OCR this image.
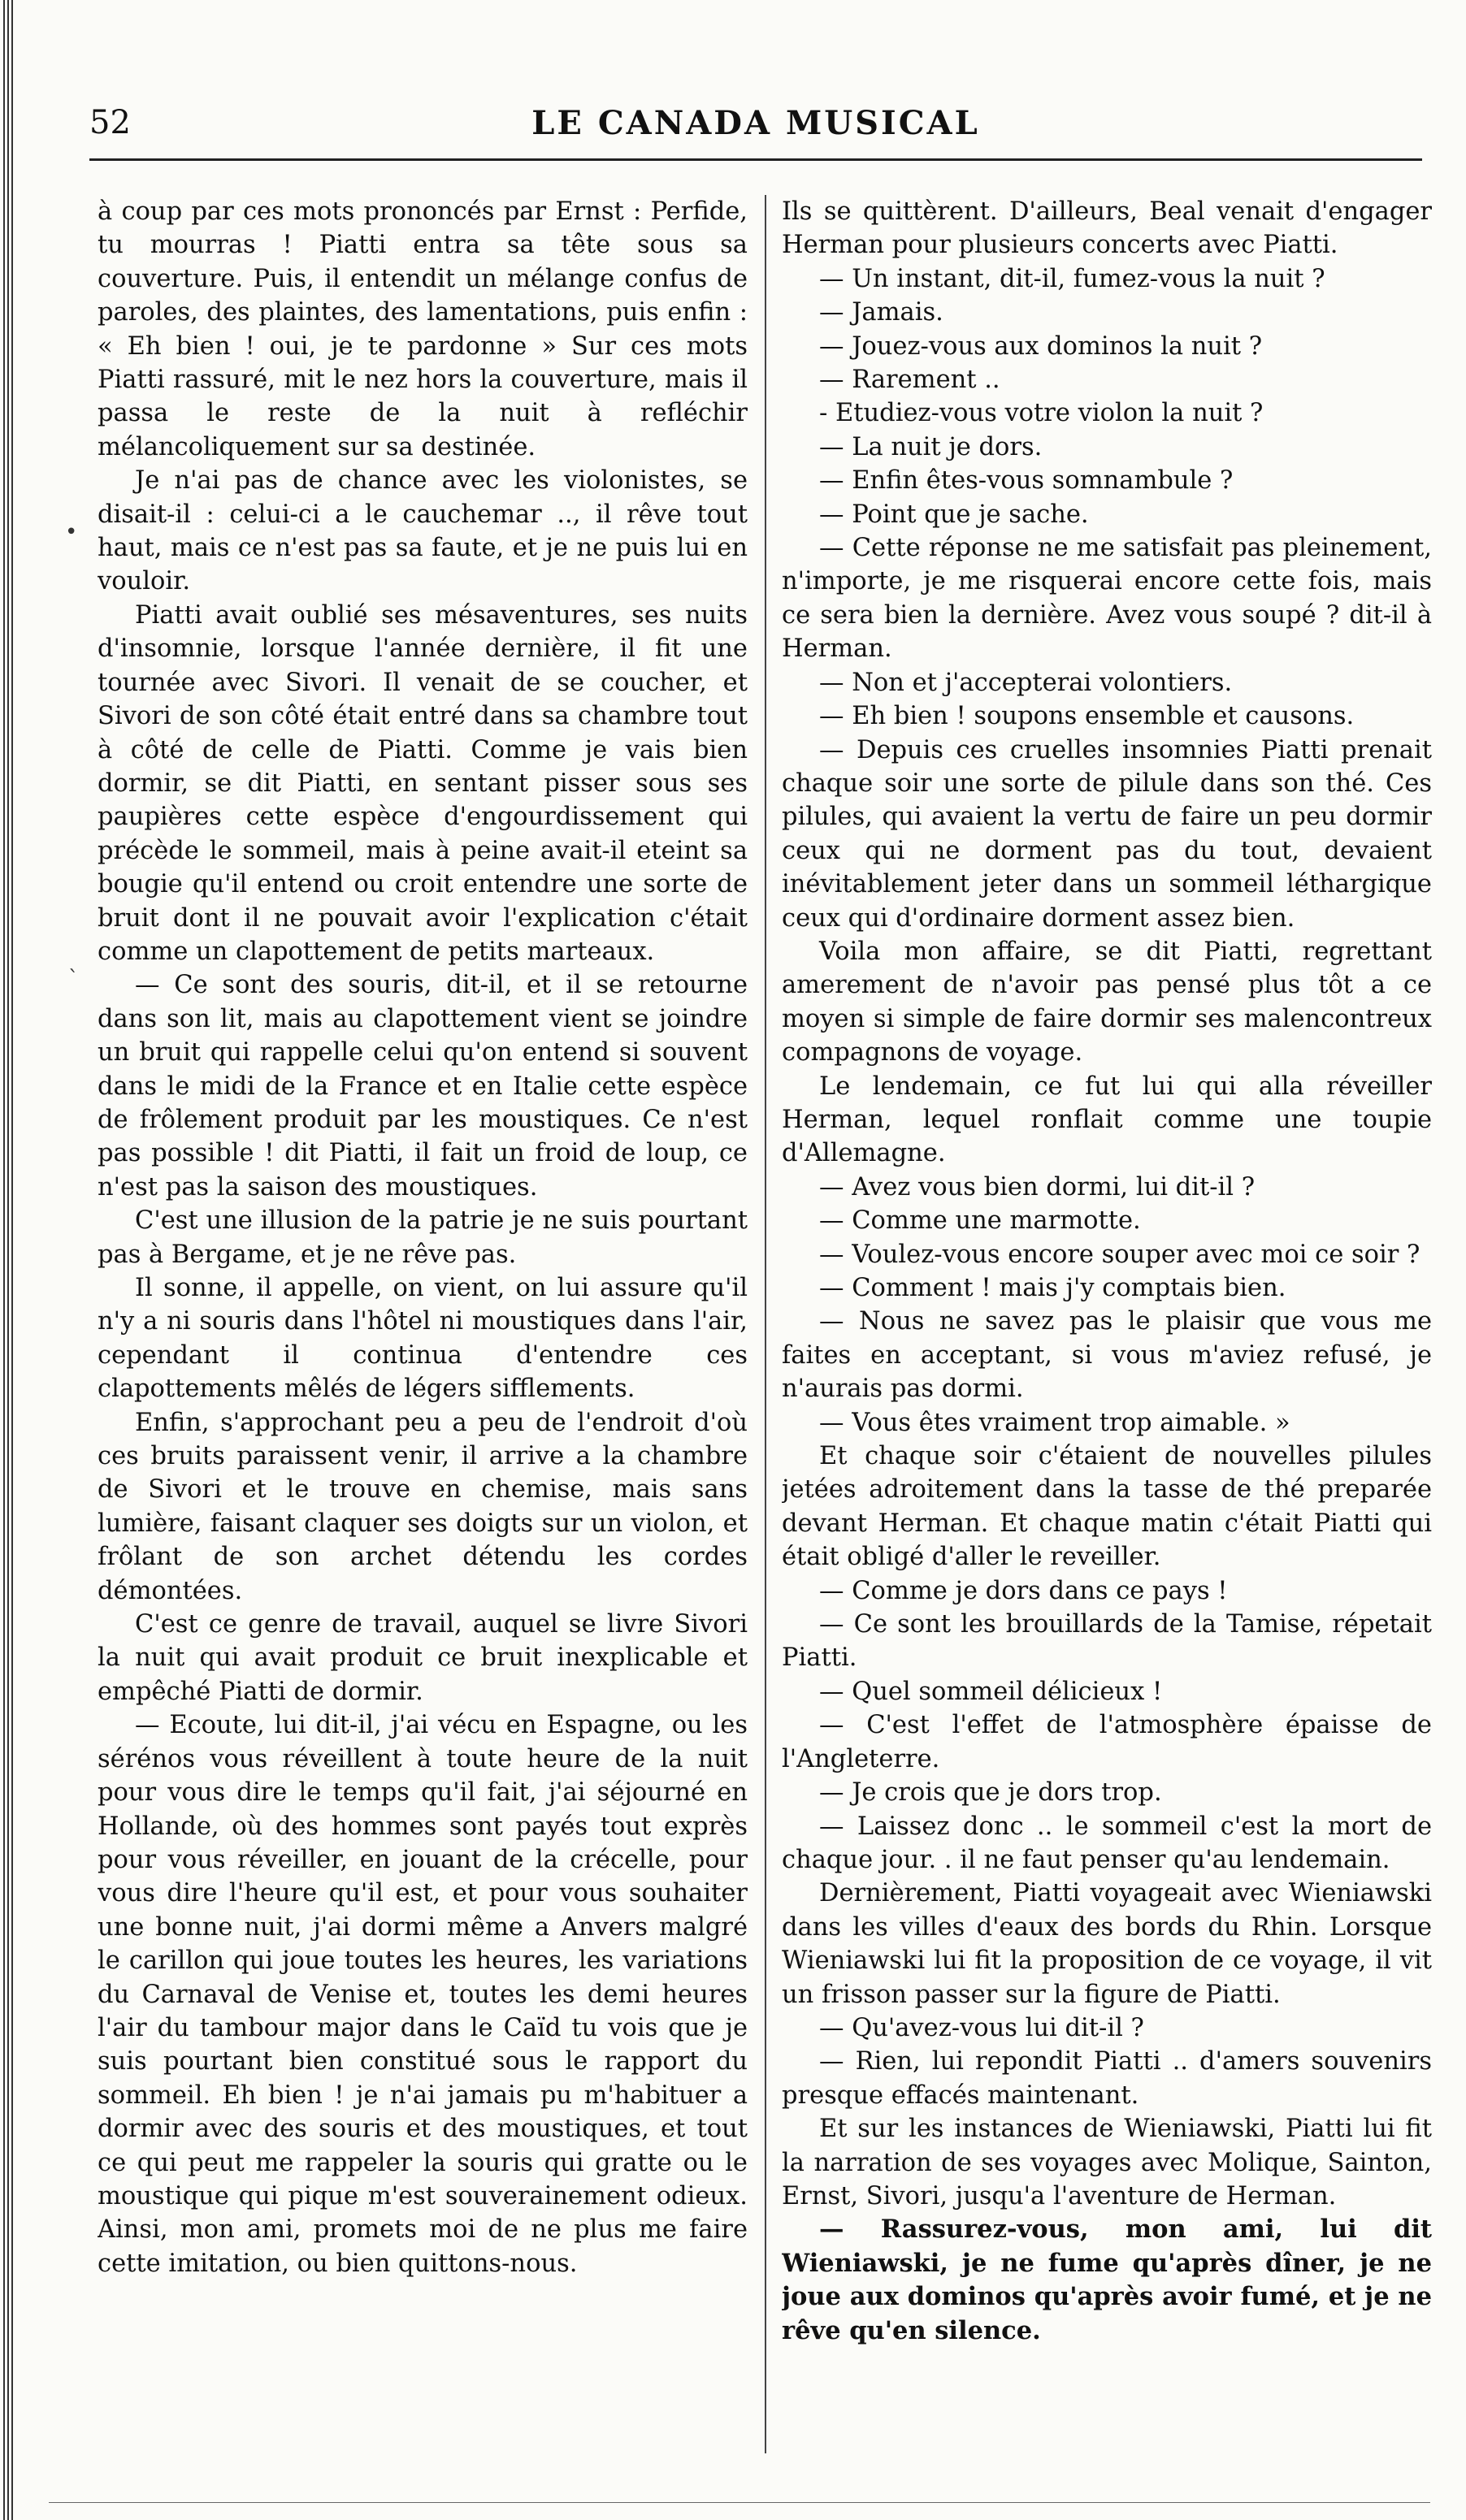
52	LE CANADA MUSICAL

à coup par ces mots prononcés par Ernst : Perfide, tu mourras ! Piatti entra sa tête sous sa couverture. Puis, il entendit un mélange confus de paroles, des plaintes, des lamentations, puis enfin : « Eh bien ! oui, je te pardonne » Sur ces mots Piatti rassuré, mit le nez hors la couverture, mais il passa le reste de la nuit à refléchir mélancoliquement sur sa destinée.

Je n'ai pas de chance avec les violonistes, se disait-il : celui-ci a le cauchemar .., il rêve tout haut, mais ce n'est pas sa faute, et je ne puis lui en vouloir.

Piatti avait oublié ses mésaventures, ses nuits d'insomnie, lorsque l'année dernière, il fit une tournée avec Sivori. Il venait de se coucher, et Sivori de son côté était entré dans sa chambre tout à côté de celle de Piatti. Comme je vais bien dormir, se dit Piatti, en sentant pisser sous ses paupières cette espèce d'engourdissement qui précède le sommeil, mais à peine avait-il eteint sa bougie qu'il entend ou croit entendre une sorte de bruit dont il ne pouvait avoir l'explication c'était comme un clapottement de petits marteaux.

— Ce sont des souris, dit-il, et il se retourne dans son lit, mais au clapottement vient se joindre un bruit qui rappelle celui qu'on entend si souvent dans le midi de la France et en Italie cette espèce de frôlement produit par les moustiques. Ce n'est pas possible ! dit Piatti, il fait un froid de loup, ce n'est pas la saison des moustiques.

C'est une illusion de la patrie je ne suis pourtant pas à Bergame, et je ne rêve pas.

Il sonne, il appelle, on vient, on lui assure qu'il n'y a ni souris dans l'hôtel ni moustiques dans l'air, cependant il continua d'entendre ces clapottements mêlés de légers sifflements.

Enfin, s'approchant peu a peu de l'endroit d'où ces bruits paraissent venir, il arrive a la chambre de Sivori et le trouve en chemise, mais sans lumière, faisant claquer ses doigts sur un violon, et frôlant de son archet détendu les cordes démontées.

C'est ce genre de travail, auquel se livre Sivori la nuit qui avait produit ce bruit inexplicable et empêché Piatti de dormir.

— Ecoute, lui dit-il, j'ai vécu en Espagne, ou les sérénos vous réveillent à toute heure de la nuit pour vous dire le temps qu'il fait, j'ai séjourné en Hollande, où des hommes sont payés tout exprès pour vous réveiller, en jouant de la crécelle, pour vous dire l'heure qu'il est, et pour vous souhaiter une bonne nuit, j'ai dormi même a Anvers malgré le carillon qui joue toutes les heures, les variations du Carnaval de Venise et, toutes les demi heures l'air du tambour major dans le Caïd tu vois que je suis pourtant bien constitué sous le rapport du sommeil. Eh bien ! je n'ai jamais pu m'habituer a dormir avec des souris et des moustiques, et tout ce qui peut me rappeler la souris qui gratte ou le moustique qui pique m'est souverainement odieux. Ainsi, mon ami, promets moi de ne plus me faire cette imitation, ou bien quittons-nous.

Ils se quittèrent. D'ailleurs, Beal venait d'engager Herman pour plusieurs concerts avec Piatti.

— Un instant, dit-il, fumez-vous la nuit ?

— Jamais.

— Jouez-vous aux dominos la nuit ?

— Rarement ..

- Etudiez-vous votre violon la nuit ?

— La nuit je dors.

— Enfin êtes-vous somnambule ?

— Point que je sache.

— Cette réponse ne me satisfait pas pleinement, n'importe, je me risquerai encore cette fois, mais ce sera bien la dernière. Avez vous soupé ? dit-il à Herman.

— Non et j'accepterai volontiers.

— Eh bien ! soupons ensemble et causons.

— Depuis ces cruelles insomnies Piatti prenait chaque soir une sorte de pilule dans son thé. Ces pilules, qui avaient la vertu de faire un peu dormir ceux qui ne dorment pas du tout, devaient inévitablement jeter dans un sommeil léthargique ceux qui d'ordinaire dorment assez bien.

Voila mon affaire, se dit Piatti, regrettant amerement de n'avoir pas pensé plus tôt a ce moyen si simple de faire dormir ses malencontreux compagnons de voyage.

Le lendemain, ce fut lui qui alla réveiller Herman, lequel ronflait comme une toupie d'Allemagne.

— Avez vous bien dormi, lui dit-il ?

— Comme une marmotte.

— Voulez-vous encore souper avec moi ce soir ?

— Comment ! mais j'y comptais bien.

— Nous ne savez pas le plaisir que vous me faites en acceptant, si vous m'aviez refusé, je n'aurais pas dormi.

— Vous êtes vraiment trop aimable. »

Et chaque soir c'étaient de nouvelles pilules jetées adroitement dans la tasse de thé preparée devant Herman. Et chaque matin c'était Piatti qui était obligé d'aller le reveiller.

— Comme je dors dans ce pays !

— Ce sont les brouillards de la Tamise, répetait Piatti.

— Quel sommeil délicieux !

— C'est l'effet de l'atmosphère épaisse de l'Angleterre.

— Je crois que je dors trop.

— Laissez donc .. le sommeil c'est la mort de chaque jour. . il ne faut penser qu'au lendemain.

Dernièrement, Piatti voyageait avec Wieniawski dans les villes d'eaux des bords du Rhin. Lorsque Wieniawski lui fit la proposition de ce voyage, il vit un frisson passer sur la figure de Piatti.

— Qu'avez-vous lui dit-il ?

— Rien, lui repondit Piatti .. d'amers souvenirs presque effacés maintenant.

Et sur les instances de Wieniawski, Piatti lui fit la narration de ses voyages avec Molique, Sainton, Ernst, Sivori, jusqu'a l'aventure de Herman.

— Rassurez-vous, mon ami, lui dit Wieniawski, je ne fume qu'après dîner, je ne joue aux dominos qu'après avoir fumé, et je ne rêve qu'en silence.

•
`
